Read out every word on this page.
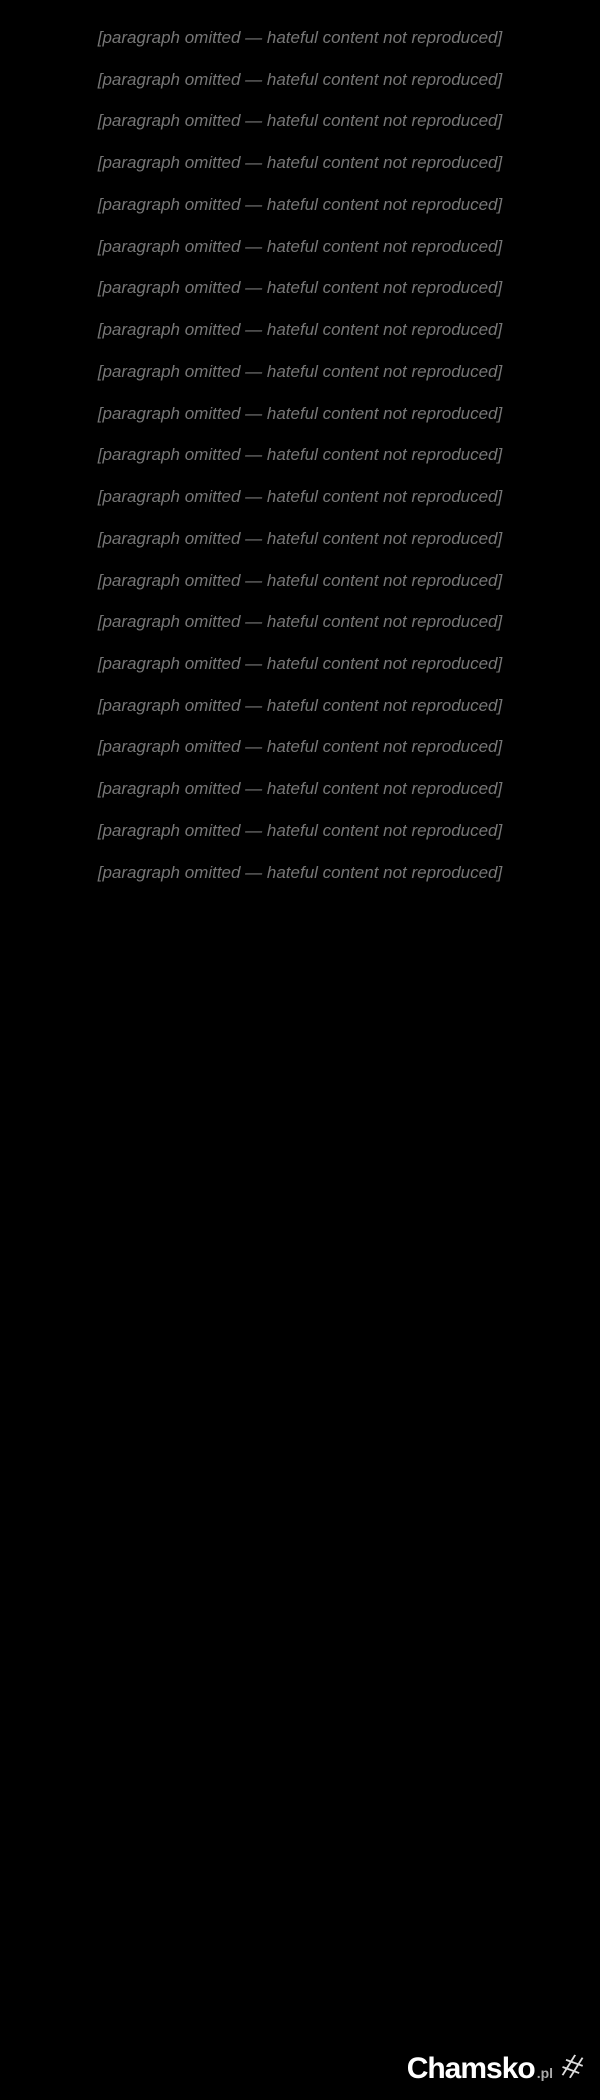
[paragraph omitted — hateful content not reproduced]

[paragraph omitted — hateful content not reproduced]

[paragraph omitted — hateful content not reproduced]

[paragraph omitted — hateful content not reproduced]

[paragraph omitted — hateful content not reproduced]

[paragraph omitted — hateful content not reproduced]

[paragraph omitted — hateful content not reproduced]

[paragraph omitted — hateful content not reproduced]

[paragraph omitted — hateful content not reproduced]

[paragraph omitted — hateful content not reproduced]

[paragraph omitted — hateful content not reproduced]

[paragraph omitted — hateful content not reproduced]

[paragraph omitted — hateful content not reproduced]

[paragraph omitted — hateful content not reproduced]

[paragraph omitted — hateful content not reproduced]

[paragraph omitted — hateful content not reproduced]

[paragraph omitted — hateful content not reproduced]

[paragraph omitted — hateful content not reproduced]

[paragraph omitted — hateful content not reproduced]

[paragraph omitted — hateful content not reproduced]

[paragraph omitted — hateful content not reproduced]

Chamsko .pl #
